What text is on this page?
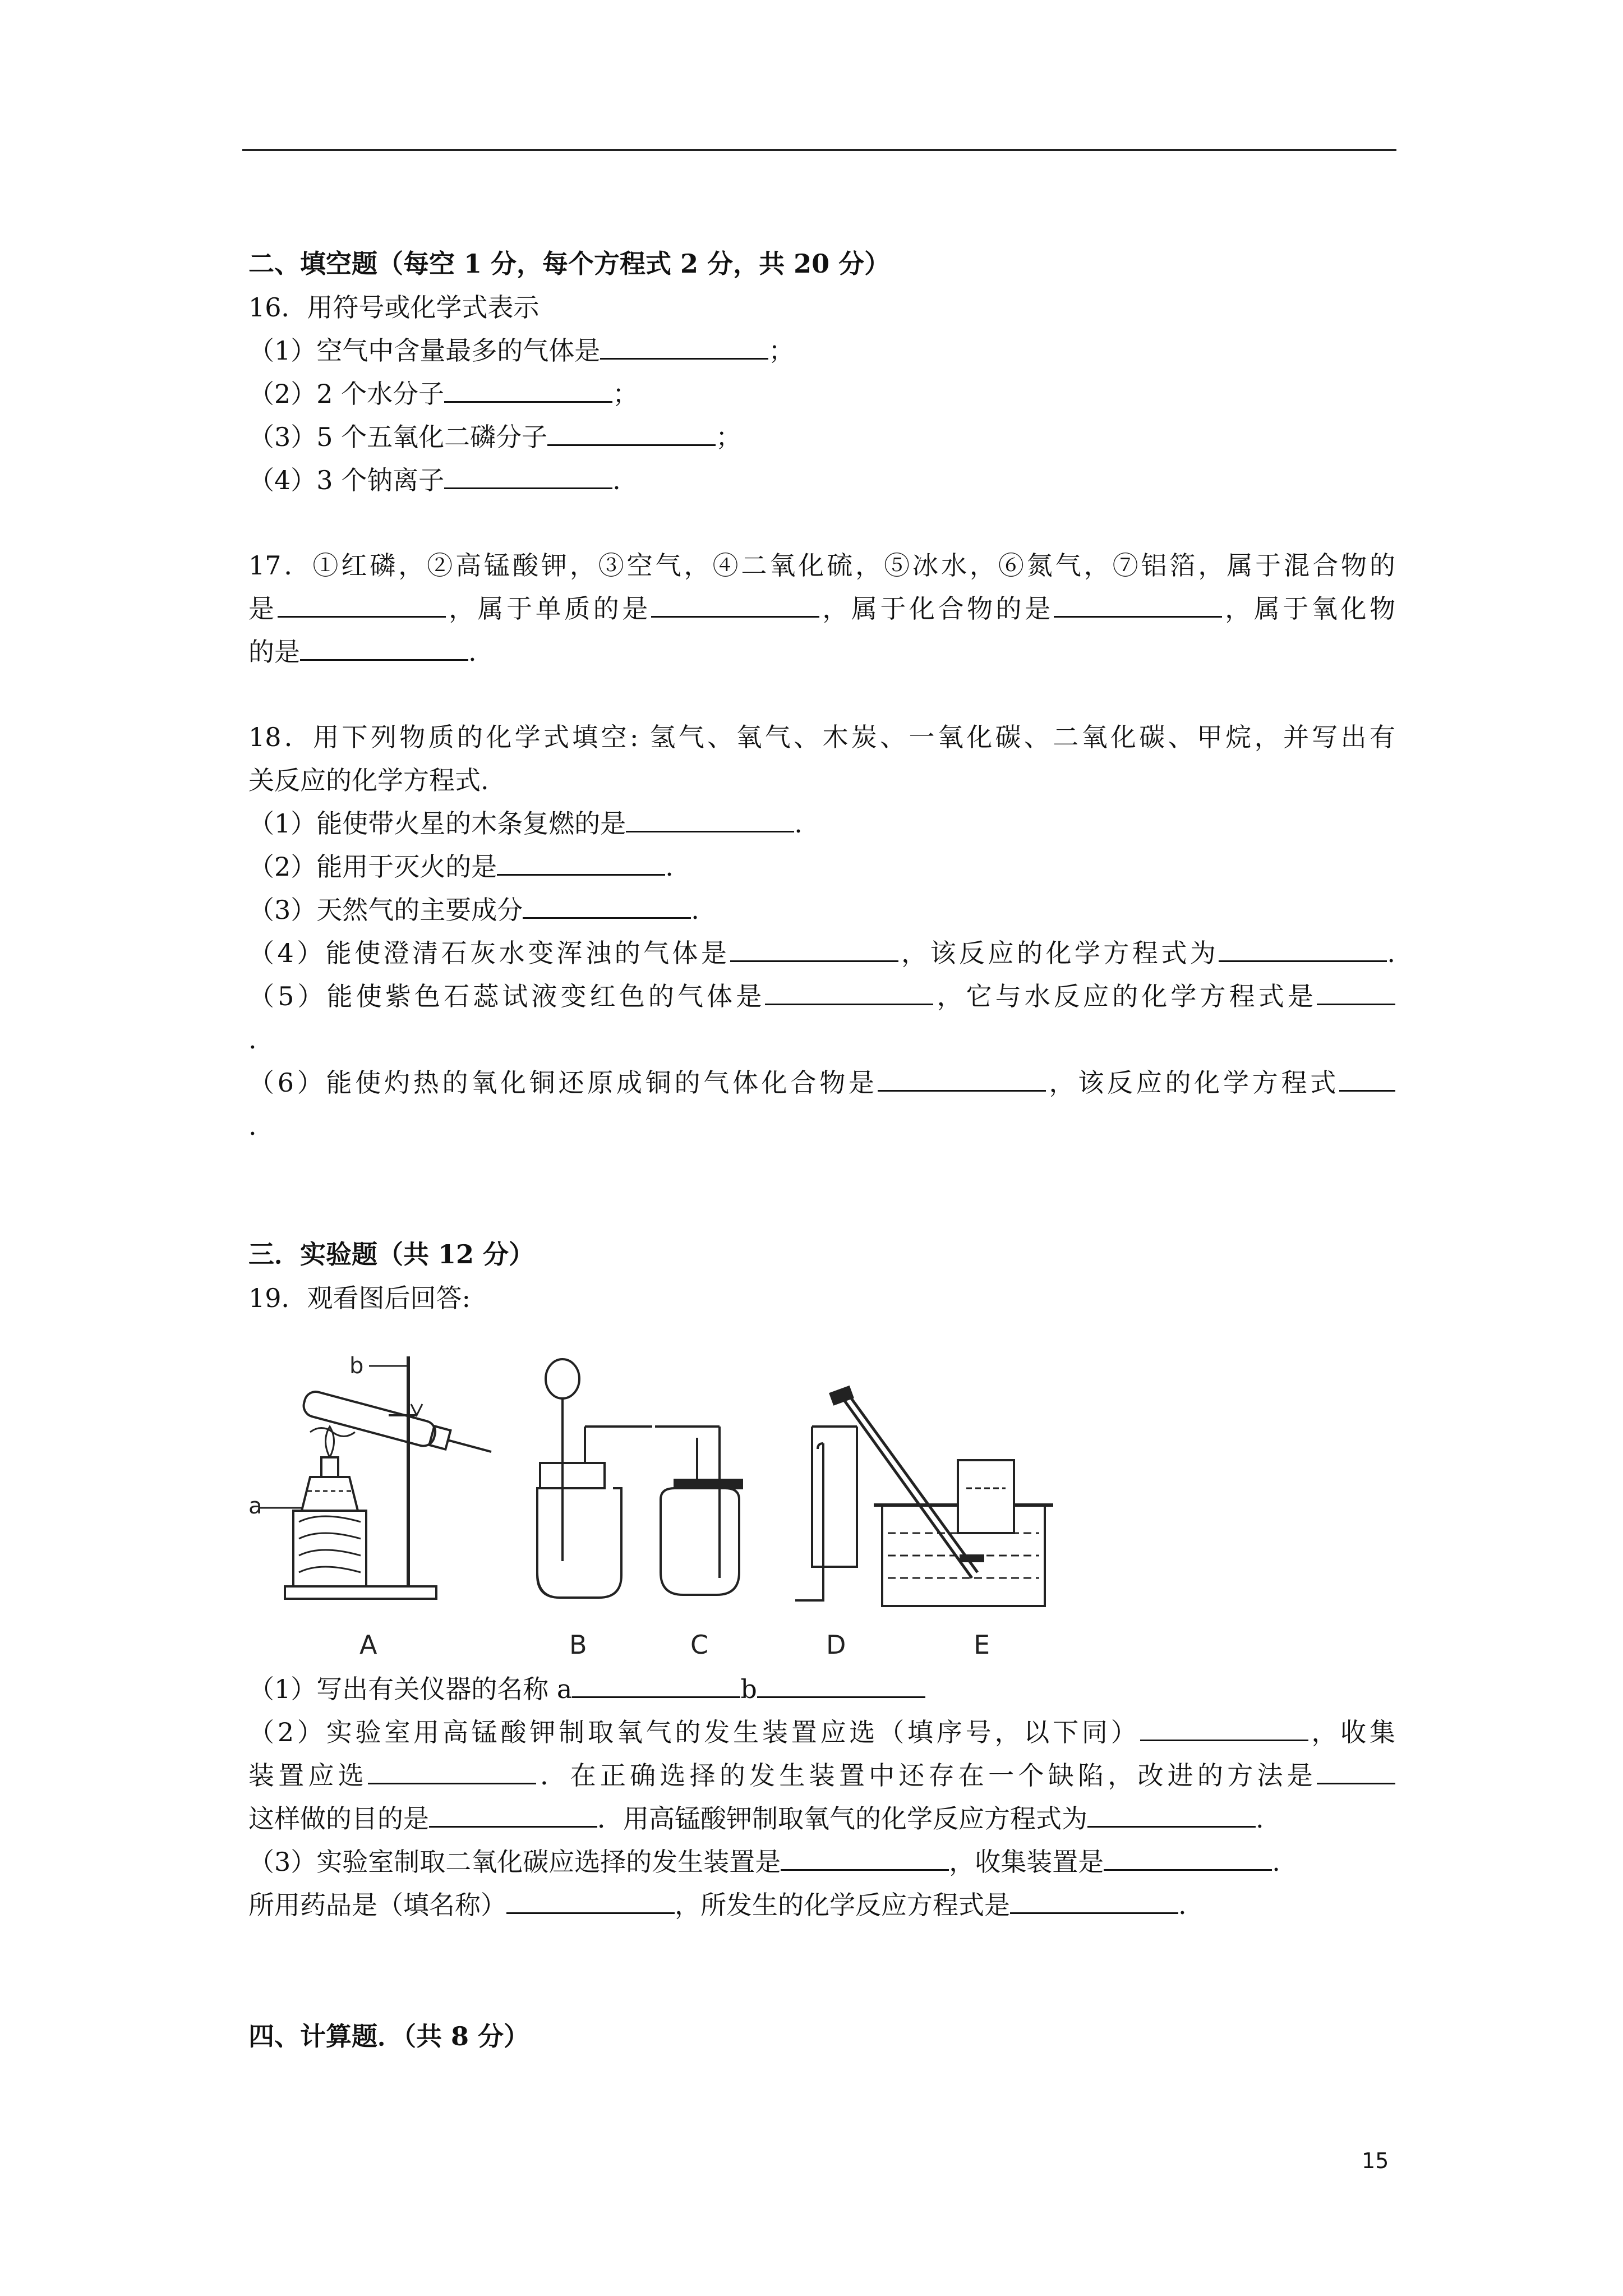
二、填空题（每空 1 分，每个方程式 2 分，共 20 分）
16．用符号或化学式表示
（1）空气中含量最多的气体是	；
（2）2 个水分子	；
（3）5 个五氧化二磷分子	；
（4）3 个钠离子	.
17．①红磷，②高锰酸钾，③空气，④二氧化硫，⑤冰水，⑥氮气，⑦铝箔，属于混合物的
是	，属于单质的是	，属于化合物的是	，属于氧化物
的是	.
18．用下列物质的化学式填空: 氢气、氧气、木炭、一氧化碳、二氧化碳、甲烷，并写出有
关反应的化学方程式.
（1）能使带火星的木条复燃的是	.
（2）能用于灭火的是	.
（3）天然气的主要成分	.
（4）能使澄清石灰水变浑浊的气体是	，该反应的化学方程式为	.
（5）能使紫色石蕊试液变红色的气体是	，它与水反应的化学方程式是
.
（6）能使灼热的氧化铜还原成铜的气体化合物是	，该反应的化学方程式
.
三．实验题（共 12 分）
19．观看图后回答:
a
b
A	B	C	D	E
（1）写出有关仪器的名称 a	b
（2）实验室用高锰酸钾制取氧气的发生装置应选（填序号，以下同）	，收集
装置应选	．在正确选择的发生装置中还存在一个缺陷，改进的方法是
这样做的目的是	．用高锰酸钾制取氧气的化学反应方程式为	.
（3）实验室制取二氧化碳应选择的发生装置是	，收集装置是	.
所用药品是（填名称）	，所发生的化学反应方程式是	.
四、计算题．（共 8 分）
15
